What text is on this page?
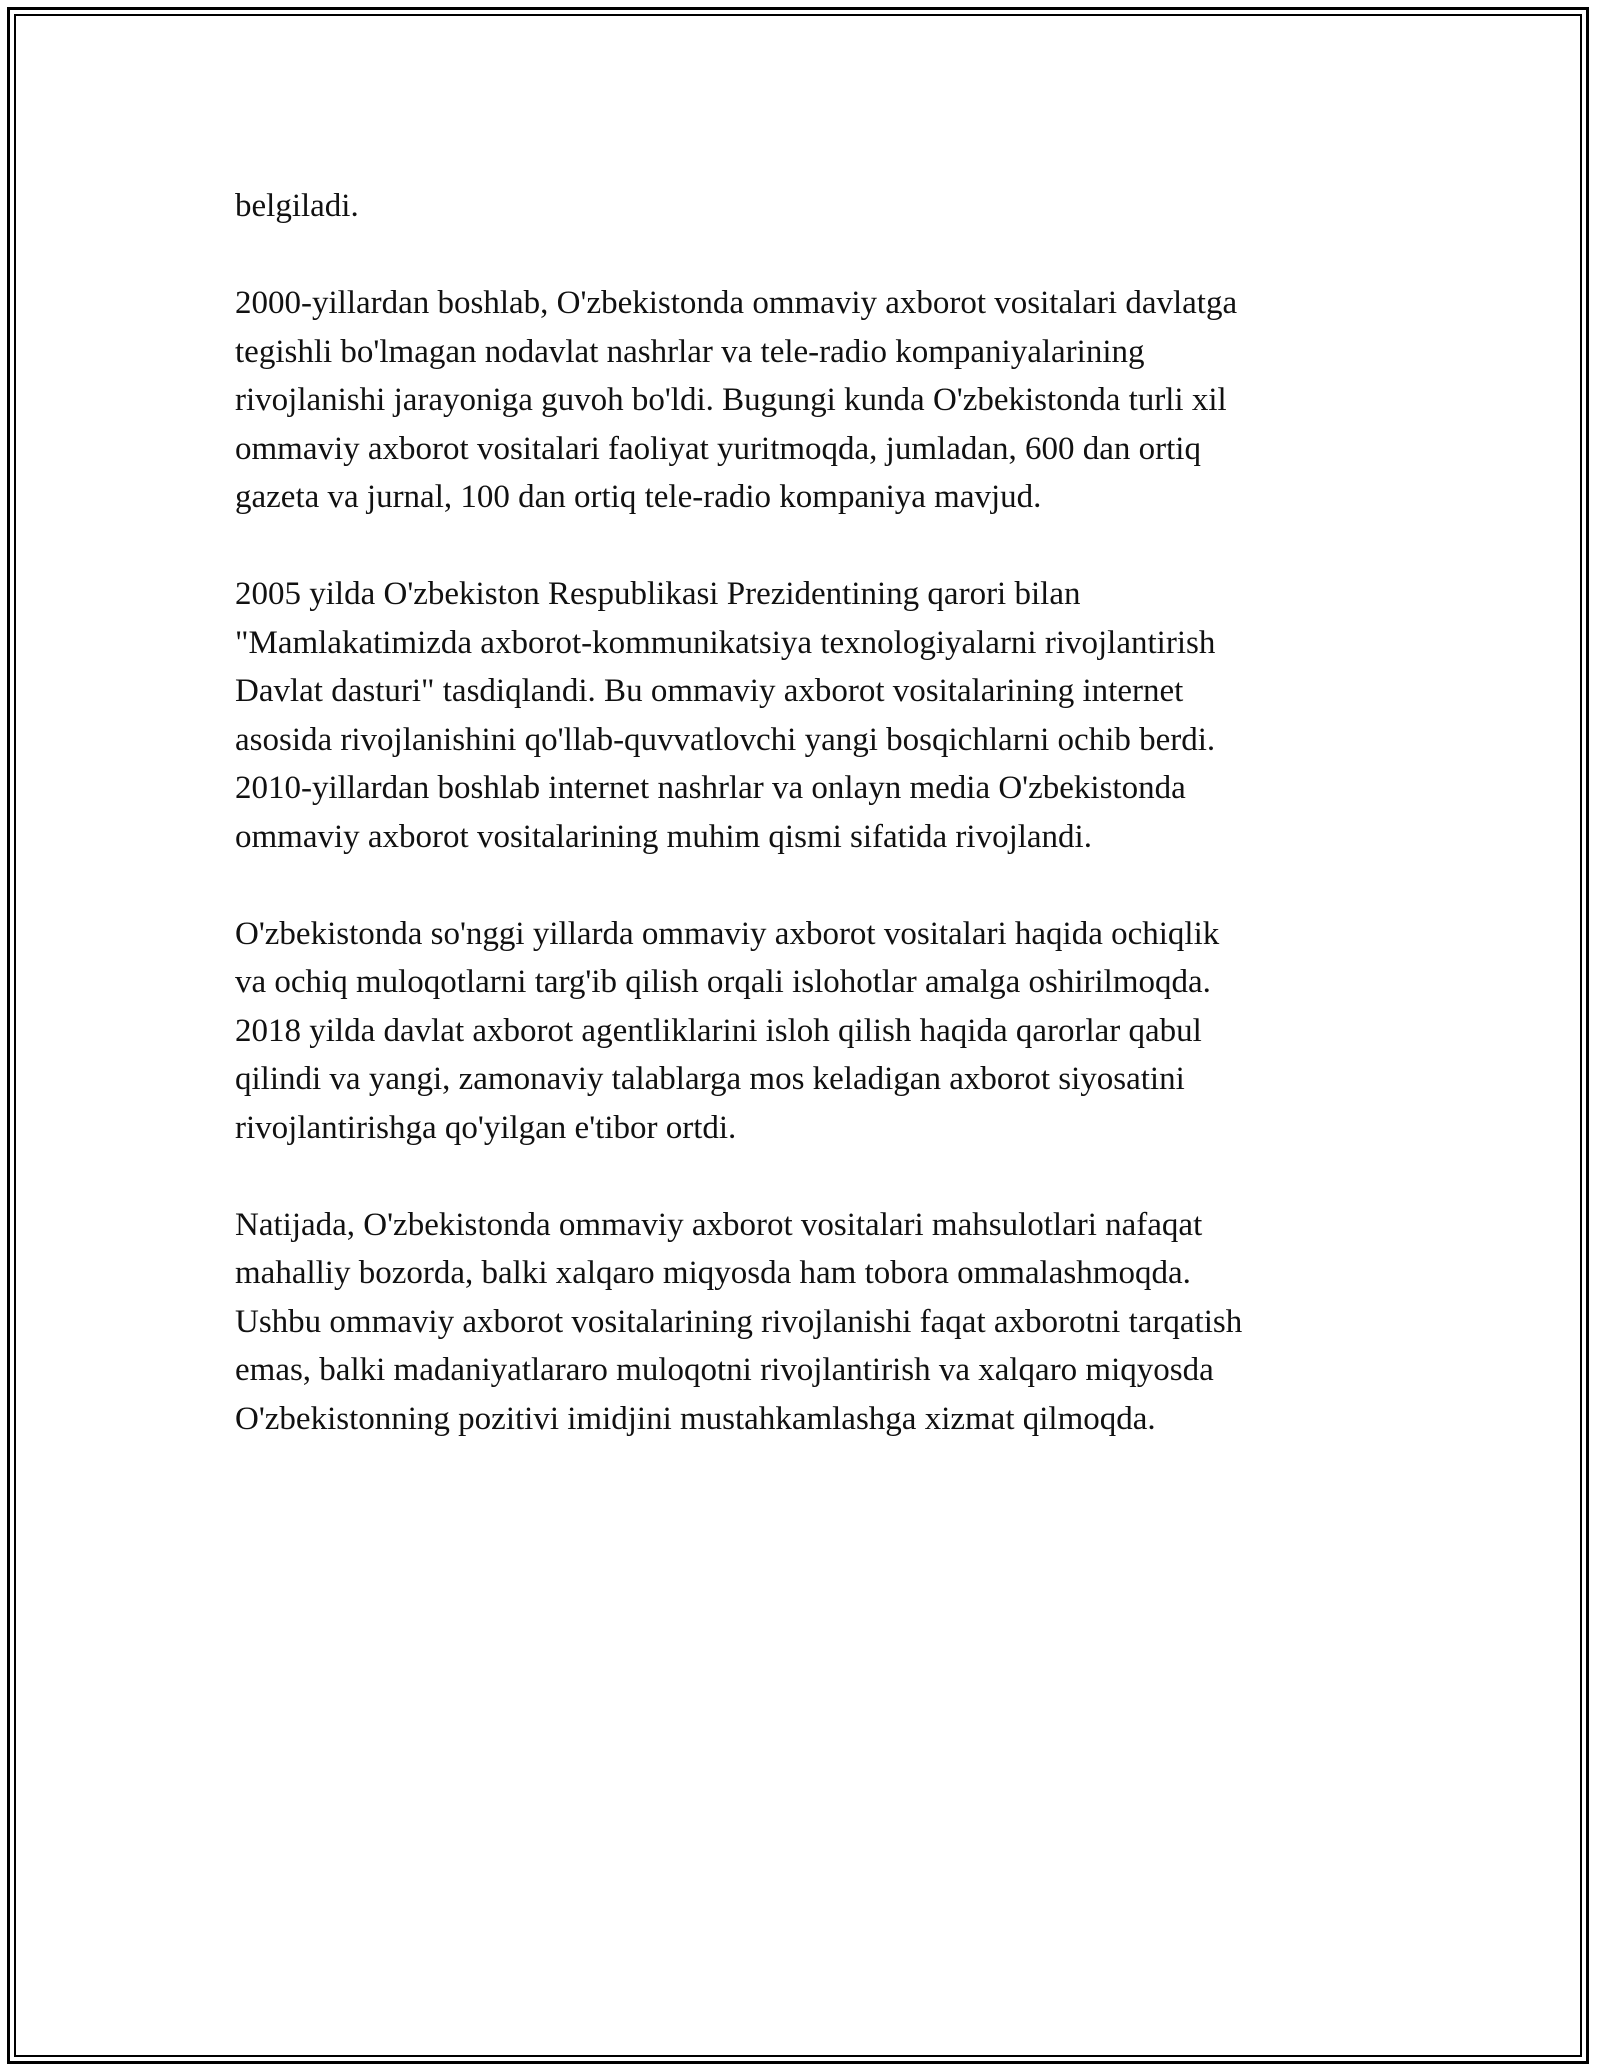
belgiladi.

2000-yillardan boshlab, O'zbekistonda ommaviy axborot vositalari davlatga
tegishli bo'lmagan nodavlat nashrlar va tele-radio kompaniyalarining
rivojlanishi jarayoniga guvoh bo'ldi. Bugungi kunda O'zbekistonda turli xil
ommaviy axborot vositalari faoliyat yuritmoqda, jumladan, 600 dan ortiq
gazeta va jurnal, 100 dan ortiq tele-radio kompaniya mavjud.

2005 yilda O'zbekiston Respublikasi Prezidentining qarori bilan
"Mamlakatimizda axborot-kommunikatsiya texnologiyalarni rivojlantirish
Davlat dasturi" tasdiqlandi. Bu ommaviy axborot vositalarining internet
asosida rivojlanishini qo'llab-quvvatlovchi yangi bosqichlarni ochib berdi.
2010-yillardan boshlab internet nashrlar va onlayn media O'zbekistonda
ommaviy axborot vositalarining muhim qismi sifatida rivojlandi.

O'zbekistonda so'nggi yillarda ommaviy axborot vositalari haqida ochiqlik
va ochiq muloqotlarni targ'ib qilish orqali islohotlar amalga oshirilmoqda.
2018 yilda davlat axborot agentliklarini isloh qilish haqida qarorlar qabul
qilindi va yangi, zamonaviy talablarga mos keladigan axborot siyosatini
rivojlantirishga qo'yilgan e'tibor ortdi.

Natijada, O'zbekistonda ommaviy axborot vositalari mahsulotlari nafaqat
mahalliy bozorda, balki xalqaro miqyosda ham tobora ommalashmoqda.
Ushbu ommaviy axborot vositalarining rivojlanishi faqat axborotni tarqatish
emas, balki madaniyatlararo muloqotni rivojlantirish va xalqaro miqyosda
O'zbekistonning pozitivi imidjini mustahkamlashga xizmat qilmoqda.
